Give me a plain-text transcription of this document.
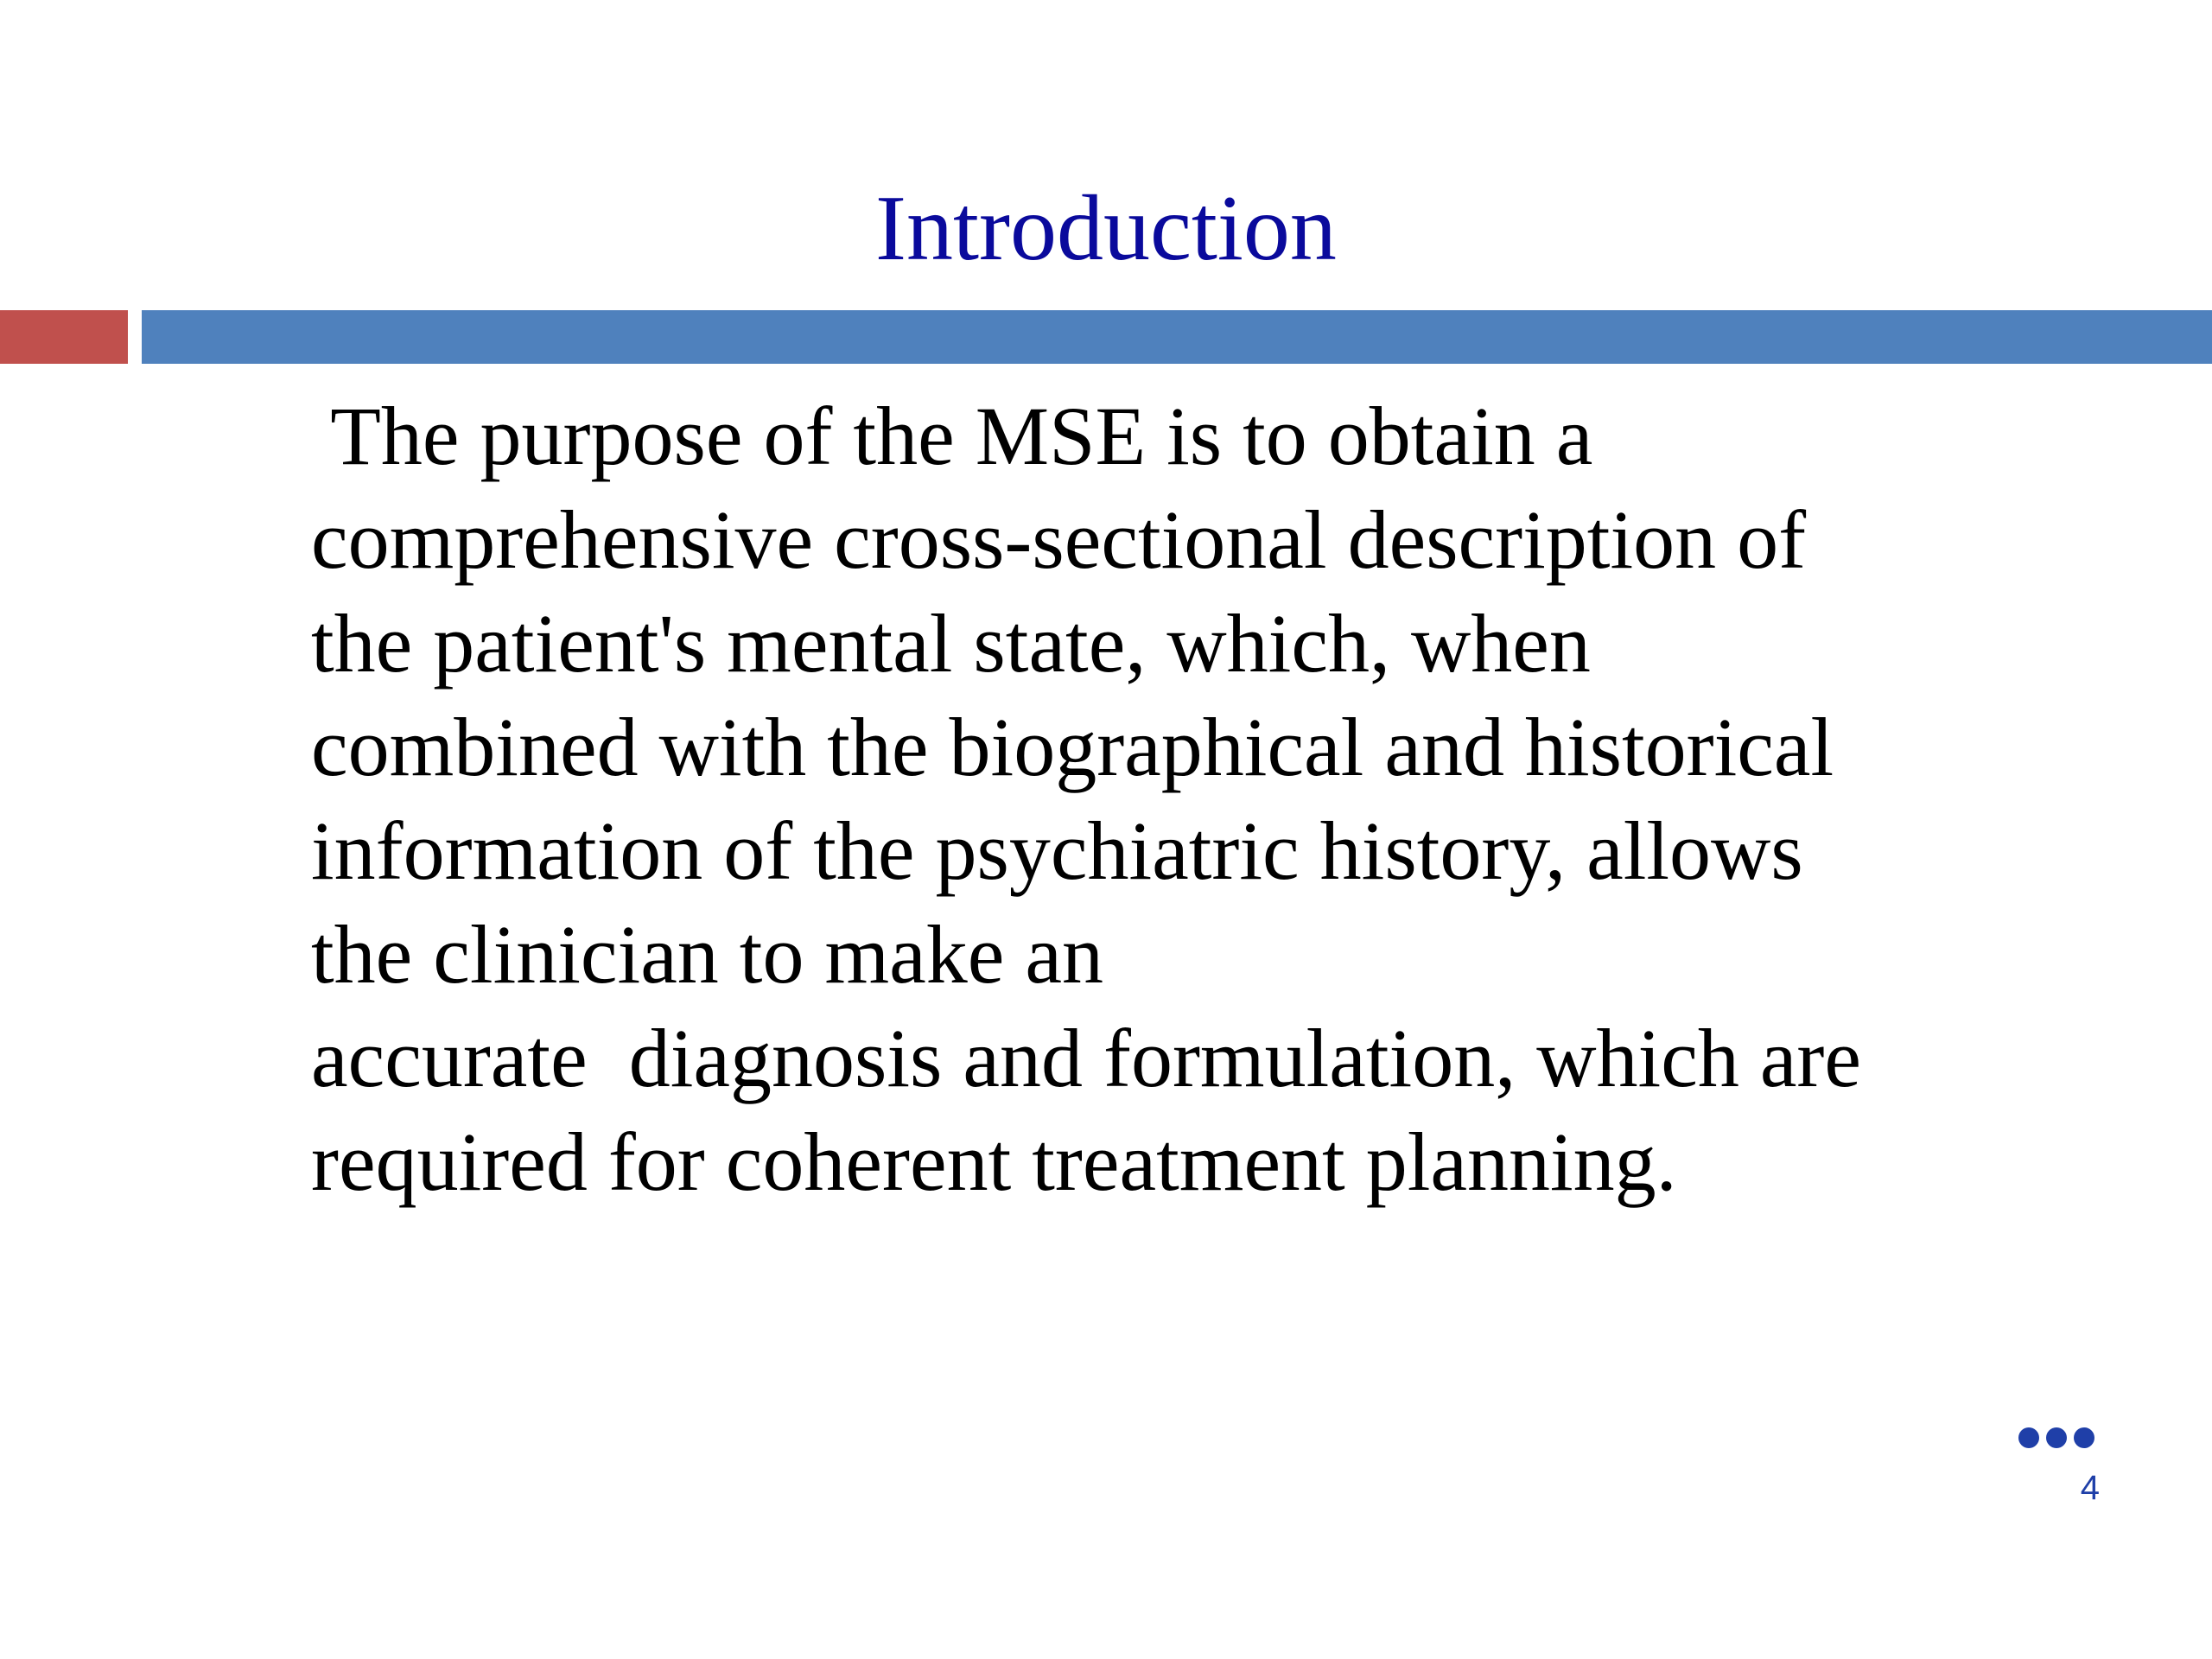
Introduction
The purpose of the MSE is to obtain a
comprehensive cross-sectional description of
the patient's mental state, which, when
combined with the biographical and historical
information of the psychiatric history, allows
the clinician to make an
accurate  diagnosis and formulation, which are
required for coherent treatment planning.
4
